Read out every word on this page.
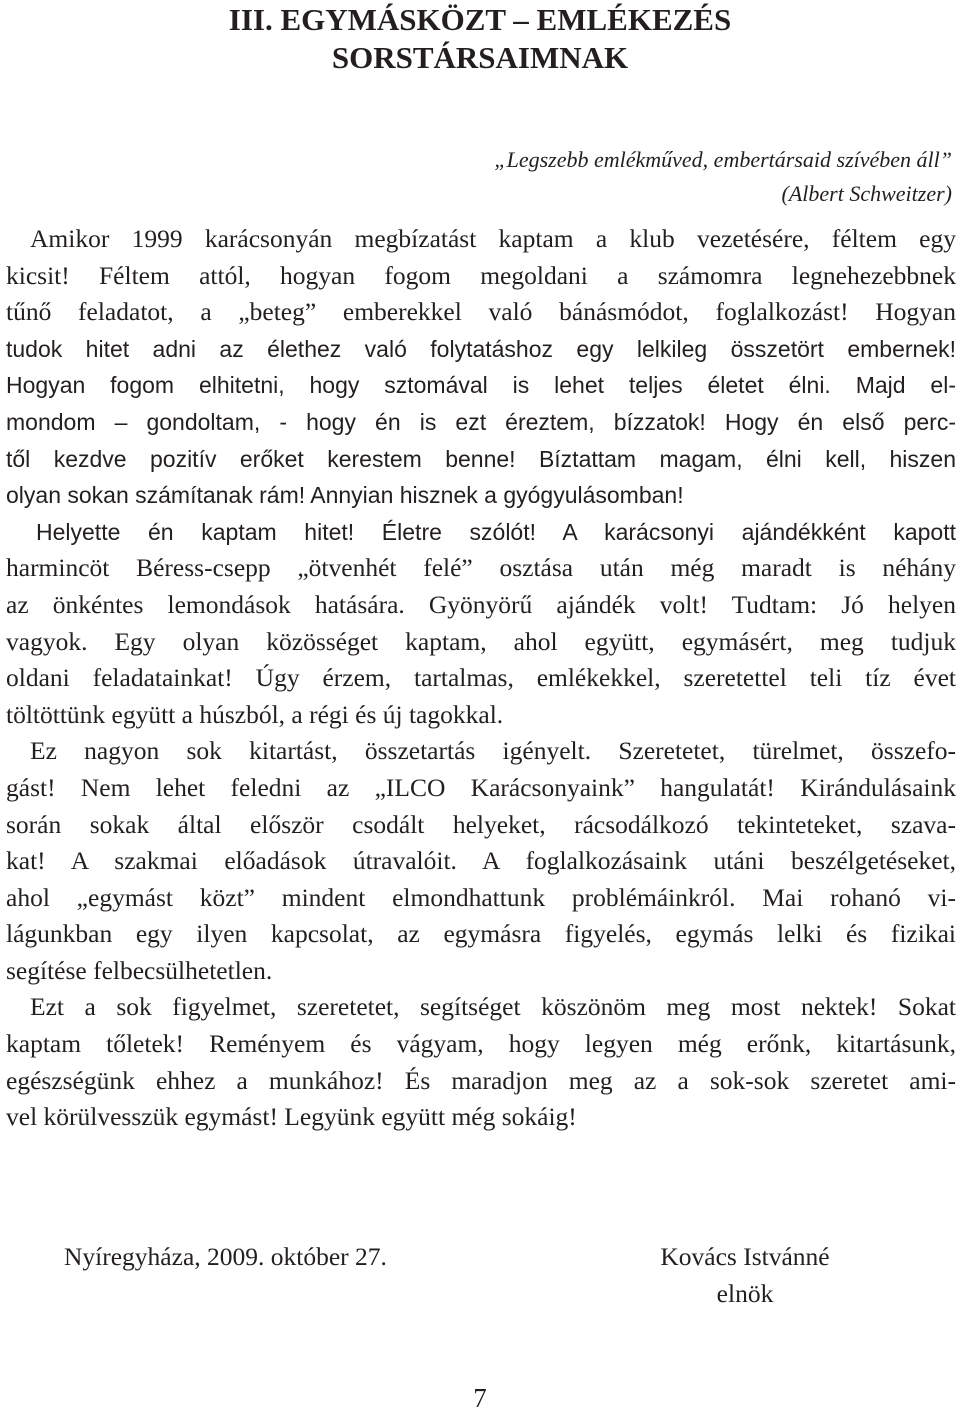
III. EGYMÁSKÖZT – EMLÉKEZÉS
SORSTÁRSAIMNAK
„Legszebb emlékműved, embertársaid szívében áll”
(Albert Schweitzer)
Amikor 1999 karácsonyán megbízatást kaptam a klub vezetésére, féltem egy
kicsit! Féltem attól, hogyan fogom megoldani a számomra legnehezebbnek
tűnő feladatot, a „beteg” emberekkel való bánásmódot, foglalkozást! Hogyan
tudok hitet adni az élethez való folytatáshoz egy lelkileg összetört embernek!
Hogyan fogom elhitetni, hogy sztomával is lehet teljes életet élni. Majd el-
mondom – gondoltam, - hogy én is ezt éreztem, bízzatok! Hogy én első perc-
től kezdve pozitív erőket kerestem benne! Bíztattam magam, élni kell, hiszen
olyan sokan számítanak rám! Annyian hisznek a gyógyulásomban!
Helyette én kaptam hitet! Életre szólót! A karácsonyi ajándékként kapott
harmincöt Béress-csepp „ötvenhét felé” osztása után még maradt is néhány
az önkéntes lemondások hatására. Gyönyörű ajándék volt! Tudtam: Jó helyen
vagyok. Egy olyan közösséget kaptam, ahol együtt, egymásért, meg tudjuk
oldani feladatainkat! Úgy érzem, tartalmas, emlékekkel, szeretettel teli tíz évet
töltöttünk együtt a húszból, a régi és új tagokkal.
Ez nagyon sok kitartást, összetartás igényelt. Szeretetet, türelmet, összefo-
gást! Nem lehet feledni az „ILCO Karácsonyaink” hangulatát! Kirándulásaink
során sokak által először csodált helyeket, rácsodálkozó tekinteteket, szava-
kat! A szakmai előadások útravalóit. A foglalkozásaink utáni beszélgetéseket,
ahol „egymást közt” mindent elmondhattunk problémáinkról. Mai rohanó vi-
lágunkban egy ilyen kapcsolat, az egymásra figyelés, egymás lelki és fizikai
segítése felbecsülhetetlen.
Ezt a sok figyelmet, szeretetet, segítséget köszönöm meg most nektek! Sokat
kaptam tőletek! Reményem és vágyam, hogy legyen még erőnk, kitartásunk,
egészségünk ehhez a munkához! És maradjon meg az a sok-sok szeretet ami-
vel körülvesszük egymást! Legyünk együtt még sokáig!
Nyíregyháza, 2009. október 27.	Kovács Istvánné
elnök
7
